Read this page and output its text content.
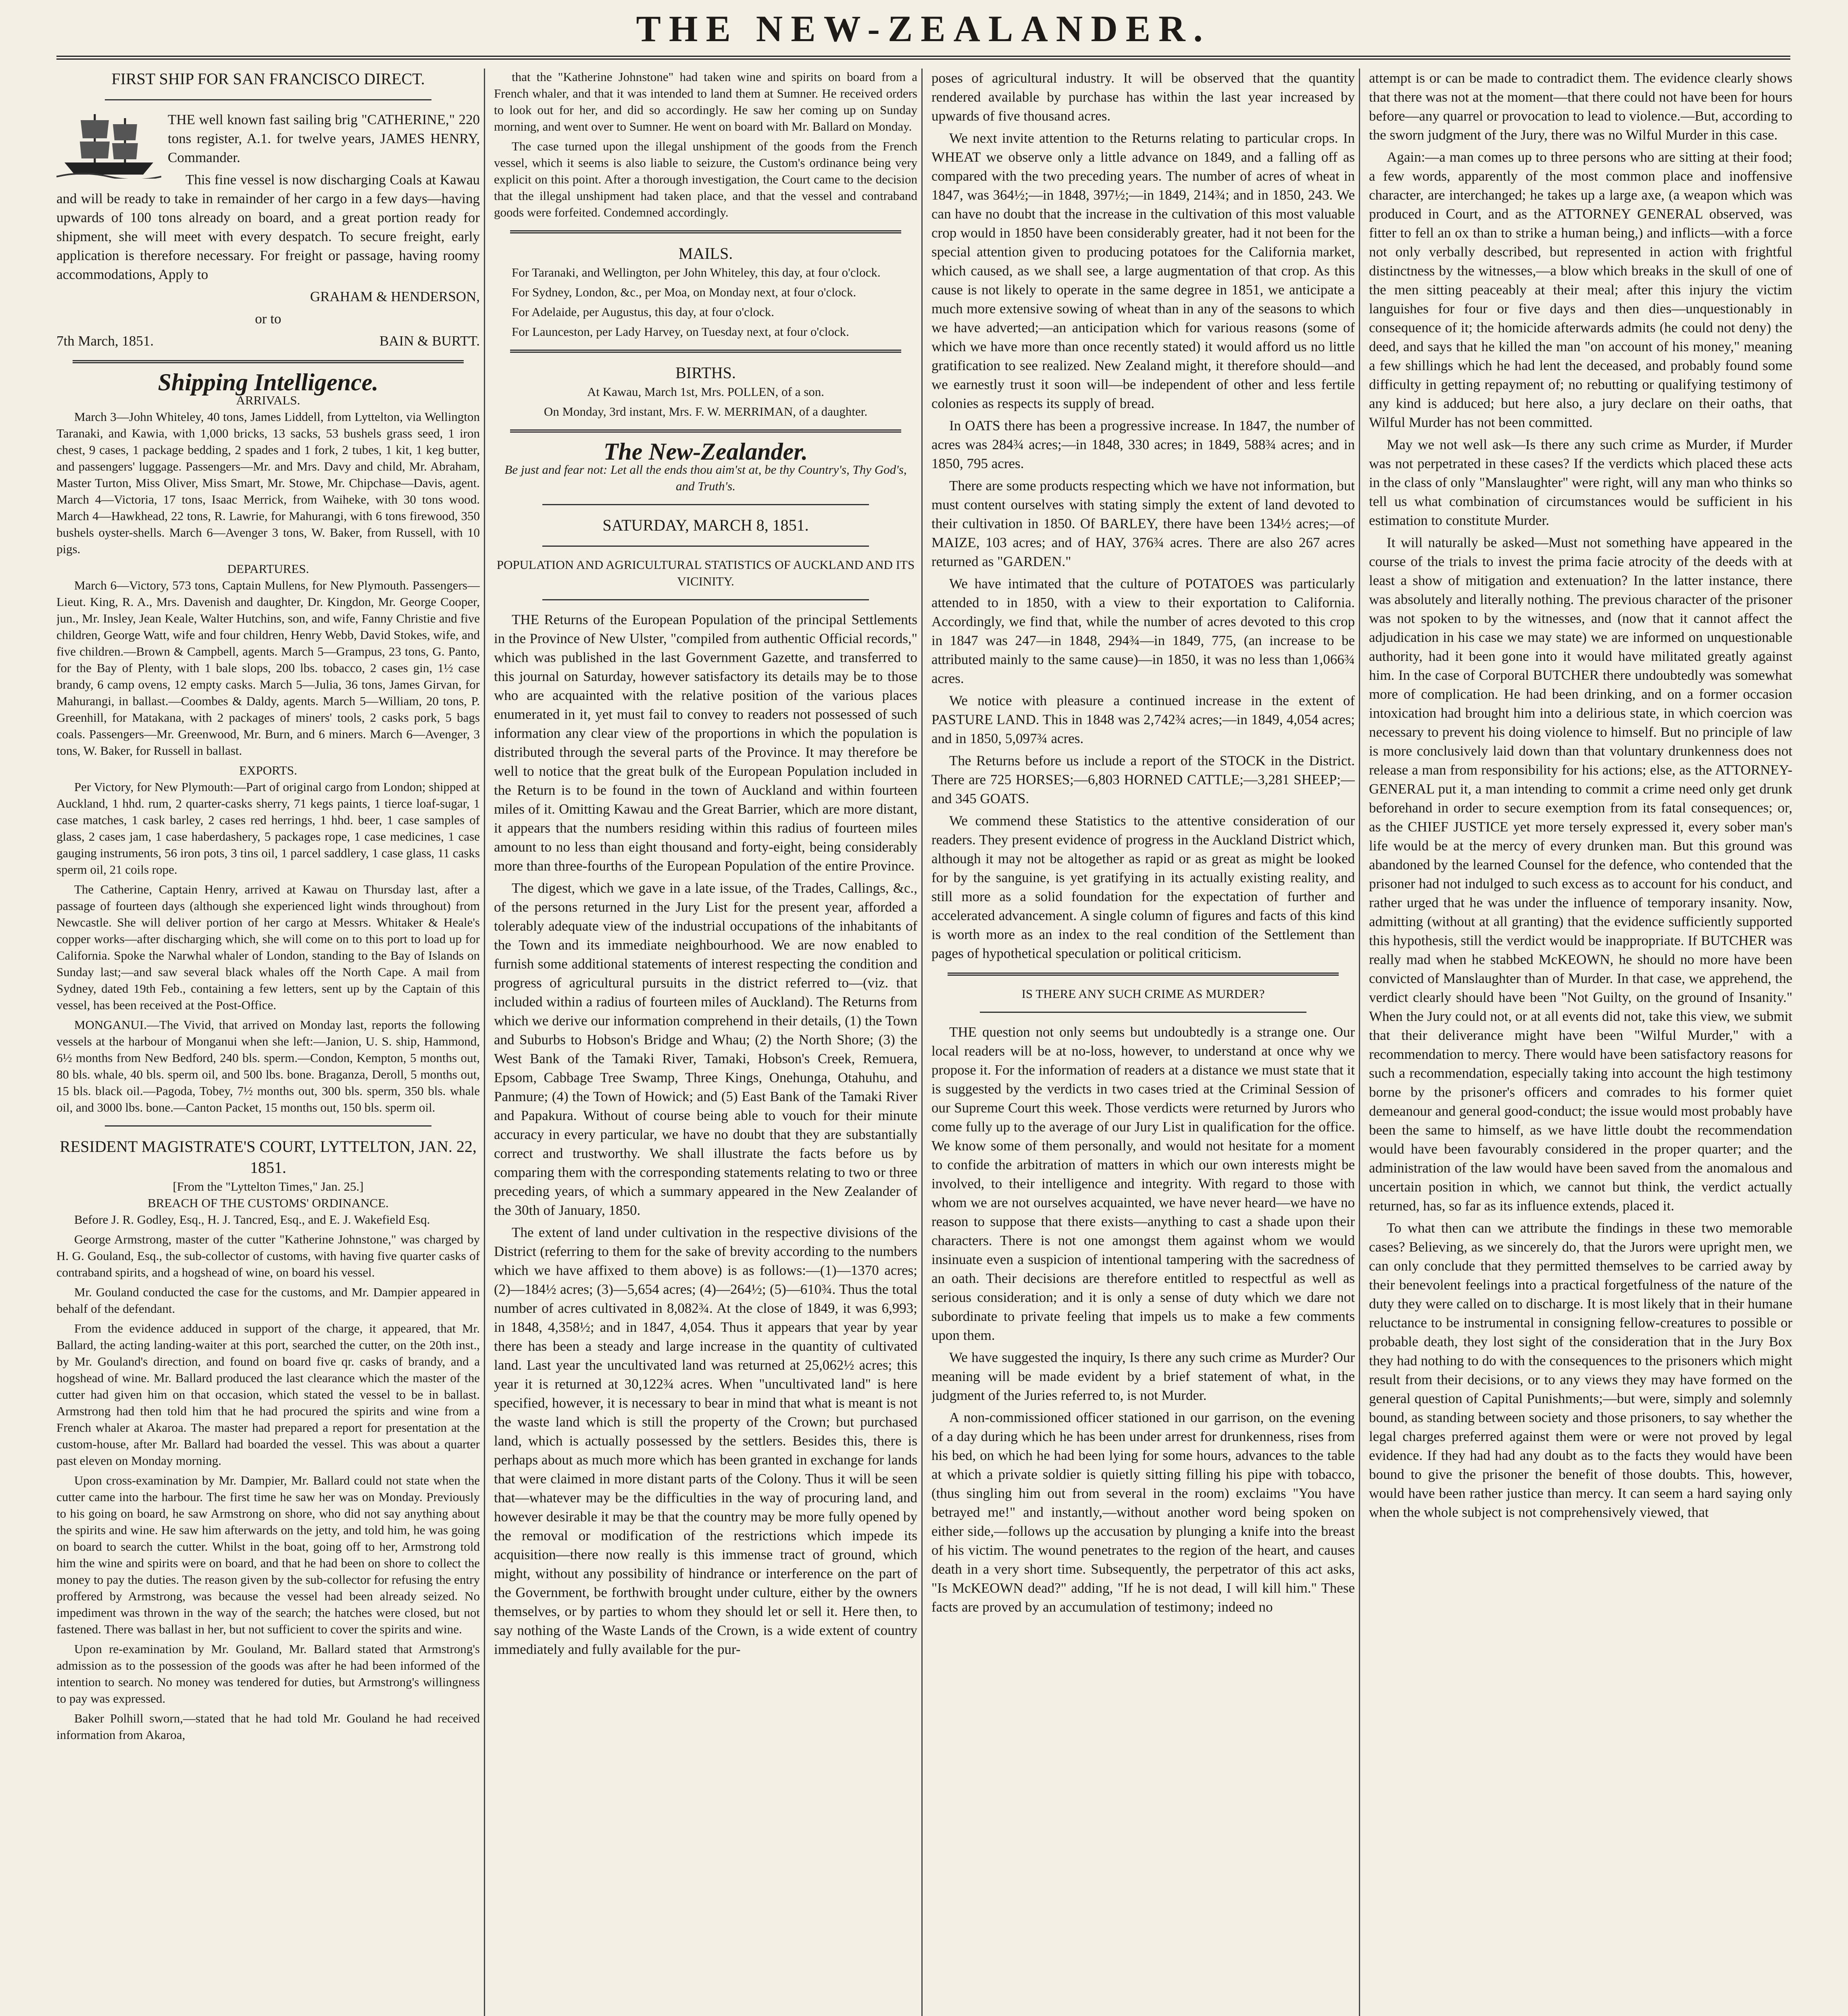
THE NEW-ZEALANDER.
FIRST SHIP FOR SAN FRANCISCO DIRECT.

THE well known fast sailing brig "CATHERINE," 220 tons register, A.1. for twelve years, JAMES HENRY, Commander.

This fine vessel is now discharging Coals at Kawau and will be ready to take in remainder of her cargo in a few days—having upwards of 100 tons already on board, and a great portion ready for shipment, she will meet with every despatch. To secure freight, early application is therefore necessary. For freight or passage, having roomy accommodations, Apply to

GRAHAM & HENDERSON,

or to

7th March, 1851.	BAIN & BURTT.
Shipping Intelligence.
ARRIVALS.

March 3—John Whiteley, 40 tons, James Liddell, from Lyttelton, via Wellington Taranaki, and Kawia, with 1,000 bricks, 13 sacks, 53 bushels grass seed, 1 iron chest, 9 cases, 1 package bedding, 2 spades and 1 fork, 2 tubes, 1 kit, 1 keg butter, and passengers' luggage. Passengers—Mr. and Mrs. Davy and child, Mr. Abraham, Master Turton, Miss Oliver, Miss Smart, Mr. Stowe, Mr. Chipchase—Davis, agent. March 4—Victoria, 17 tons, Isaac Merrick, from Waiheke, with 30 tons wood. March 4—Hawkhead, 22 tons, R. Lawrie, for Mahurangi, with 6 tons firewood, 350 bushels oyster-shells. March 6—Avenger 3 tons, W. Baker, from Russell, with 10 pigs.

DEPARTURES.

March 6—Victory, 573 tons, Captain Mullens, for New Plymouth. Passengers—Lieut. King, R. A., Mrs. Davenish and daughter, Dr. Kingdon, Mr. George Cooper, jun., Mr. Insley, Jean Keale, Walter Hutchins, son, and wife, Fanny Christie and five children, George Watt, wife and four children, Henry Webb, David Stokes, wife, and five children.—Brown & Campbell, agents. March 5—Grampus, 23 tons, G. Panto, for the Bay of Plenty, with 1 bale slops, 200 lbs. tobacco, 2 cases gin, 1½ case brandy, 6 camp ovens, 12 empty casks. March 5—Julia, 36 tons, James Girvan, for Mahurangi, in ballast.—Coombes & Daldy, agents. March 5—William, 20 tons, P. Greenhill, for Matakana, with 2 packages of miners' tools, 2 casks pork, 5 bags coals. Passengers—Mr. Greenwood, Mr. Burn, and 6 miners. March 6—Avenger, 3 tons, W. Baker, for Russell in ballast.

EXPORTS.

Per Victory, for New Plymouth:—Part of original cargo from London; shipped at Auckland, 1 hhd. rum, 2 quarter-casks sherry, 71 kegs paints, 1 tierce loaf-sugar, 1 case matches, 1 cask barley, 2 cases red herrings, 1 hhd. beer, 1 case samples of glass, 2 cases jam, 1 case haberdashery, 5 packages rope, 1 case medicines, 1 case gauging instruments, 56 iron pots, 3 tins oil, 1 parcel saddlery, 1 case glass, 11 casks sperm oil, 21 coils rope.

The Catherine, Captain Henry, arrived at Kawau on Thursday last, after a passage of fourteen days (although she experienced light winds throughout) from Newcastle. She will deliver portion of her cargo at Messrs. Whitaker & Heale's copper works—after discharging which, she will come on to this port to load up for California. Spoke the Narwhal whaler of London, standing to the Bay of Islands on Sunday last;—and saw several black whales off the North Cape. A mail from Sydney, dated 19th Feb., containing a few letters, sent up by the Captain of this vessel, has been received at the Post-Office.

MONGANUI.—The Vivid, that arrived on Monday last, reports the following vessels at the harbour of Monganui when she left:—Janion, U. S. ship, Hammond, 6½ months from New Bedford, 240 bls. sperm.—Condon, Kempton, 5 months out, 80 bls. whale, 40 bls. sperm oil, and 500 lbs. bone. Braganza, Deroll, 5 months out, 15 bls. black oil.—Pagoda, Tobey, 7½ months out, 300 bls. sperm, 350 bls. whale oil, and 3000 lbs. bone.—Canton Packet, 15 months out, 150 bls. sperm oil.

RESIDENT MAGISTRATE'S COURT, LYTTELTON, JAN. 22, 1851.
[From the "Lyttelton Times," Jan. 25.]
BREACH OF THE CUSTOMS' ORDINANCE.

Before J. R. Godley, Esq., H. J. Tancred, Esq., and E. J. Wakefield Esq.

George Armstrong, master of the cutter "Katherine Johnstone," was charged by H. G. Gouland, Esq., the sub-collector of customs, with having five quarter casks of contraband spirits, and a hogshead of wine, on board his vessel.

Mr. Gouland conducted the case for the customs, and Mr. Dampier appeared in behalf of the defendant.

From the evidence adduced in support of the charge, it appeared, that Mr. Ballard, the acting landing-waiter at this port, searched the cutter, on the 20th inst., by Mr. Gouland's direction, and found on board five qr. casks of brandy, and a hogshead of wine. Mr. Ballard produced the last clearance which the master of the cutter had given him on that occasion, which stated the vessel to be in ballast. Armstrong had then told him that he had procured the spirits and wine from a French whaler at Akaroa. The master had prepared a report for presentation at the custom-house, after Mr. Ballard had boarded the vessel. This was about a quarter past eleven on Monday morning.

Upon cross-examination by Mr. Dampier, Mr. Ballard could not state when the cutter came into the harbour. The first time he saw her was on Monday. Previously to his going on board, he saw Armstrong on shore, who did not say anything about the spirits and wine. He saw him afterwards on the jetty, and told him, he was going on board to search the cutter. Whilst in the boat, going off to her, Armstrong told him the wine and spirits were on board, and that he had been on shore to collect the money to pay the duties. The reason given by the sub-collector for refusing the entry proffered by Armstrong, was because the vessel had been already seized. No impediment was thrown in the way of the search; the hatches were closed, but not fastened. There was ballast in her, but not sufficient to cover the spirits and wine.

Upon re-examination by Mr. Gouland, Mr. Ballard stated that Armstrong's admission as to the possession of the goods was after he had been informed of the intention to search. No money was tendered for duties, but Armstrong's willingness to pay was expressed.

Baker Polhill sworn,—stated that he had told Mr. Gouland he had received information from Akaroa,

that the "Katherine Johnstone" had taken wine and spirits on board from a French whaler, and that it was intended to land them at Sumner. He received orders to look out for her, and did so accordingly. He saw her coming up on Sunday morning, and went over to Sumner. He went on board with Mr. Ballard on Monday.

The case turned upon the illegal unshipment of the goods from the French vessel, which it seems is also liable to seizure, the Custom's ordinance being very explicit on this point. After a thorough investigation, the Court came to the decision that the illegal unshipment had taken place, and that the vessel and contraband goods were forfeited. Condemned accordingly.

MAILS.

For Taranaki, and Wellington, per John Whiteley, this day, at four o'clock.

For Sydney, London, &c., per Moa, on Monday next, at four o'clock.

For Adelaide, per Augustus, this day, at four o'clock.

For Launceston, per Lady Harvey, on Tuesday next, at four o'clock.

BIRTHS.

At Kawau, March 1st, Mrs. POLLEN, of a son.

On Monday, 3rd instant, Mrs. F. W. MERRIMAN, of a daughter.

The New-Zealander.

Be just and fear not: Let all the ends thou aim'st at, be thy Country's, Thy God's, and Truth's.

SATURDAY, MARCH 8, 1851.
POPULATION AND AGRICULTURAL STATISTICS OF AUCKLAND AND ITS VICINITY.

THE Returns of the European Population of the principal Settlements in the Province of New Ulster, "compiled from authentic Official records," which was published in the last Government Gazette, and transferred to this journal on Saturday, however satisfactory its details may be to those who are acquainted with the relative position of the various places enumerated in it, yet must fail to convey to readers not possessed of such information any clear view of the proportions in which the population is distributed through the several parts of the Province. It may therefore be well to notice that the great bulk of the European Population included in the Return is to be found in the town of Auckland and within fourteen miles of it. Omitting Kawau and the Great Barrier, which are more distant, it appears that the numbers residing within this radius of fourteen miles amount to no less than eight thousand and forty-eight, being considerably more than three-fourths of the European Population of the entire Province.

The digest, which we gave in a late issue, of the Trades, Callings, &c., of the persons returned in the Jury List for the present year, afforded a tolerably adequate view of the industrial occupations of the inhabitants of the Town and its immediate neighbourhood. We are now enabled to furnish some additional statements of interest respecting the condition and progress of agricultural pursuits in the district referred to—(viz. that included within a radius of fourteen miles of Auckland). The Returns from which we derive our information comprehend in their details, (1) the Town and Suburbs to Hobson's Bridge and Whau; (2) the North Shore; (3) the West Bank of the Tamaki River, Tamaki, Hobson's Creek, Remuera, Epsom, Cabbage Tree Swamp, Three Kings, Onehunga, Otahuhu, and Panmure; (4) the Town of Howick; and (5) East Bank of the Tamaki River and Papakura. Without of course being able to vouch for their minute accuracy in every particular, we have no doubt that they are substantially correct and trustworthy. We shall illustrate the facts before us by comparing them with the corresponding statements relating to two or three preceding years, of which a summary appeared in the New Zealander of the 30th of January, 1850.

The extent of land under cultivation in the respective divisions of the District (referring to them for the sake of brevity according to the numbers which we have affixed to them above) is as follows:—(1)—1370 acres; (2)—184½ acres; (3)—5,654 acres; (4)—264½; (5)—610¾. Thus the total number of acres cultivated in 8,082¾. At the close of 1849, it was 6,993; in 1848, 4,358½; and in 1847, 4,054. Thus it appears that year by year there has been a steady and large increase in the quantity of cultivated land. Last year the uncultivated land was returned at 25,062½ acres; this year it is returned at 30,122¾ acres. When "uncultivated land" is here specified, however, it is necessary to bear in mind that what is meant is not the waste land which is still the property of the Crown; but purchased land, which is actually possessed by the settlers. Besides this, there is perhaps about as much more which has been granted in exchange for lands that were claimed in more distant parts of the Colony. Thus it will be seen that—whatever may be the difficulties in the way of procuring land, and however desirable it may be that the country may be more fully opened by the removal or modification of the restrictions which impede its acquisition—there now really is this immense tract of ground, which might, without any possibility of hindrance or interference on the part of the Government, be forthwith brought under culture, either by the owners themselves, or by parties to whom they should let or sell it. Here then, to say nothing of the Waste Lands of the Crown, is a wide extent of country immediately and fully available for the pur-

poses of agricultural industry. It will be observed that the quantity rendered available by purchase has within the last year increased by upwards of five thousand acres.

We next invite attention to the Returns relating to particular crops. In WHEAT we observe only a little advance on 1849, and a falling off as compared with the two preceding years. The number of acres of wheat in 1847, was 364½;—in 1848, 397½;—in 1849, 214¾; and in 1850, 243. We can have no doubt that the increase in the cultivation of this most valuable crop would in 1850 have been considerably greater, had it not been for the special attention given to producing potatoes for the California market, which caused, as we shall see, a large augmentation of that crop. As this cause is not likely to operate in the same degree in 1851, we anticipate a much more extensive sowing of wheat than in any of the seasons to which we have adverted;—an anticipation which for various reasons (some of which we have more than once recently stated) it would afford us no little gratification to see realized. New Zealand might, it therefore should—and we earnestly trust it soon will—be independent of other and less fertile colonies as respects its supply of bread.

In OATS there has been a progressive increase. In 1847, the number of acres was 284¾ acres;—in 1848, 330 acres; in 1849, 588¾ acres; and in 1850, 795 acres.

There are some products respecting which we have not information, but must content ourselves with stating simply the extent of land devoted to their cultivation in 1850. Of BARLEY, there have been 134½ acres;—of MAIZE, 103 acres; and of HAY, 376¾ acres. There are also 267 acres returned as "GARDEN."

We have intimated that the culture of POTATOES was particularly attended to in 1850, with a view to their exportation to California. Accordingly, we find that, while the number of acres devoted to this crop in 1847 was 247—in 1848, 294¾—in 1849, 775, (an increase to be attributed mainly to the same cause)—in 1850, it was no less than 1,066¾ acres.

We notice with pleasure a continued increase in the extent of PASTURE LAND. This in 1848 was 2,742¾ acres;—in 1849, 4,054 acres; and in 1850, 5,097¾ acres.

The Returns before us include a report of the STOCK in the District. There are 725 HORSES;—6,803 HORNED CATTLE;—3,281 SHEEP;—and 345 GOATS.

We commend these Statistics to the attentive consideration of our readers. They present evidence of progress in the Auckland District which, although it may not be altogether as rapid or as great as might be looked for by the sanguine, is yet gratifying in its actually existing reality, and still more as a solid foundation for the expectation of further and accelerated advancement. A single column of figures and facts of this kind is worth more as an index to the real condition of the Settlement than pages of hypothetical speculation or political criticism.

IS THERE ANY SUCH CRIME AS MURDER?

THE question not only seems but undoubtedly is a strange one. Our local readers will be at no-loss, however, to understand at once why we propose it. For the information of readers at a distance we must state that it is suggested by the verdicts in two cases tried at the Criminal Session of our Supreme Court this week. Those verdicts were returned by Jurors who come fully up to the average of our Jury List in qualification for the office. We know some of them personally, and would not hesitate for a moment to confide the arbitration of matters in which our own interests might be involved, to their intelligence and integrity. With regard to those with whom we are not ourselves acquainted, we have never heard—we have no reason to suppose that there exists—anything to cast a shade upon their characters. There is not one amongst them against whom we would insinuate even a suspicion of intentional tampering with the sacredness of an oath. Their decisions are therefore entitled to respectful as well as serious consideration; and it is only a sense of duty which we dare not subordinate to private feeling that impels us to make a few comments upon them.

We have suggested the inquiry, Is there any such crime as Murder? Our meaning will be made evident by a brief statement of what, in the judgment of the Juries referred to, is not Murder.

A non-commissioned officer stationed in our garrison, on the evening of a day during which he has been under arrest for drunkenness, rises from his bed, on which he had been lying for some hours, advances to the table at which a private soldier is quietly sitting filling his pipe with tobacco, (thus singling him out from several in the room) exclaims "You have betrayed me!" and instantly,—without another word being spoken on either side,—follows up the accusation by plunging a knife into the breast of his victim. The wound penetrates to the region of the heart, and causes death in a very short time. Subsequently, the perpetrator of this act asks, "Is McKEOWN dead?" adding, "If he is not dead, I will kill him." These facts are proved by an accumulation of testimony; indeed no

attempt is or can be made to contradict them. The evidence clearly shows that there was not at the moment—that there could not have been for hours before—any quarrel or provocation to lead to violence.—But, according to the sworn judgment of the Jury, there was no Wilful Murder in this case.

Again:—a man comes up to three persons who are sitting at their food; a few words, apparently of the most common place and inoffensive character, are interchanged; he takes up a large axe, (a weapon which was produced in Court, and as the ATTORNEY GENERAL observed, was fitter to fell an ox than to strike a human being,) and inflicts—with a force not only verbally described, but represented in action with frightful distinctness by the witnesses,—a blow which breaks in the skull of one of the men sitting peaceably at their meal; after this injury the victim languishes for four or five days and then dies—unquestionably in consequence of it; the homicide afterwards admits (he could not deny) the deed, and says that he killed the man "on account of his money," meaning a few shillings which he had lent the deceased, and probably found some difficulty in getting repayment of; no rebutting or qualifying testimony of any kind is adduced; but here also, a jury declare on their oaths, that Wilful Murder has not been committed.

May we not well ask—Is there any such crime as Murder, if Murder was not perpetrated in these cases? If the verdicts which placed these acts in the class of only "Manslaughter" were right, will any man who thinks so tell us what combination of circumstances would be sufficient in his estimation to constitute Murder.

It will naturally be asked—Must not something have appeared in the course of the trials to invest the prima facie atrocity of the deeds with at least a show of mitigation and extenuation? In the latter instance, there was absolutely and literally nothing. The previous character of the prisoner was not spoken to by the witnesses, and (now that it cannot affect the adjudication in his case we may state) we are informed on unquestionable authority, had it been gone into it would have militated greatly against him. In the case of Corporal BUTCHER there undoubtedly was somewhat more of complication. He had been drinking, and on a former occasion intoxication had brought him into a delirious state, in which coercion was necessary to prevent his doing violence to himself. But no principle of law is more conclusively laid down than that voluntary drunkenness does not release a man from responsibility for his actions; else, as the ATTORNEY-GENERAL put it, a man intending to commit a crime need only get drunk beforehand in order to secure exemption from its fatal consequences; or, as the CHIEF JUSTICE yet more tersely expressed it, every sober man's life would be at the mercy of every drunken man. But this ground was abandoned by the learned Counsel for the defence, who contended that the prisoner had not indulged to such excess as to account for his conduct, and rather urged that he was under the influence of temporary insanity. Now, admitting (without at all granting) that the evidence sufficiently supported this hypothesis, still the verdict would be inappropriate. If BUTCHER was really mad when he stabbed McKEOWN, he should no more have been convicted of Manslaughter than of Murder. In that case, we apprehend, the verdict clearly should have been "Not Guilty, on the ground of Insanity." When the Jury could not, or at all events did not, take this view, we submit that their deliverance might have been "Wilful Murder," with a recommendation to mercy. There would have been satisfactory reasons for such a recommendation, especially taking into account the high testimony borne by the prisoner's officers and comrades to his former quiet demeanour and general good-conduct; the issue would most probably have been the same to himself, as we have little doubt the recommendation would have been favourably considered in the proper quarter; and the administration of the law would have been saved from the anomalous and uncertain position in which, we cannot but think, the verdict actually returned, has, so far as its influence extends, placed it.

To what then can we attribute the findings in these two memorable cases? Believing, as we sincerely do, that the Jurors were upright men, we can only conclude that they permitted themselves to be carried away by their benevolent feelings into a practical forgetfulness of the nature of the duty they were called on to discharge. It is most likely that in their humane reluctance to be instrumental in consigning fellow-creatures to possible or probable death, they lost sight of the consideration that in the Jury Box they had nothing to do with the consequences to the prisoners which might result from their decisions, or to any views they may have formed on the general question of Capital Punishments;—but were, simply and solemnly bound, as standing between society and those prisoners, to say whether the legal charges preferred against them were or were not proved by legal evidence. If they had had any doubt as to the facts they would have been bound to give the prisoner the benefit of those doubts. This, however, would have been rather justice than mercy. It can seem a hard saying only when the whole subject is not comprehensively viewed, that
